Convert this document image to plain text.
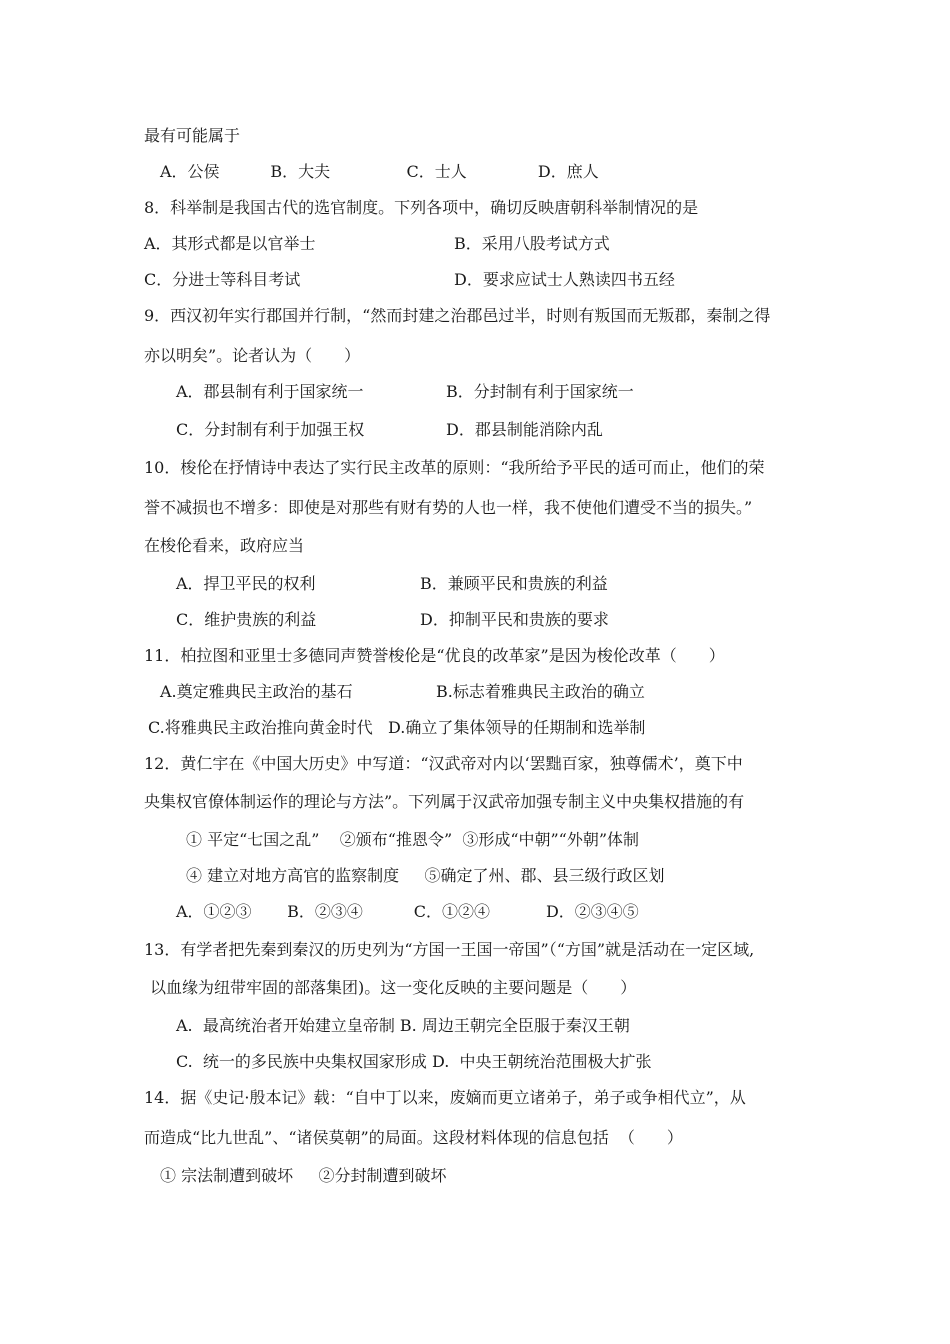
最有可能属于
A．公侯          B．大夫               C．士人              D．庶人
8．科举制是我国古代的选官制度。下列各项中，确切反映唐朝科举制情况的是
A．其形式都是以官举士	B．采用八股考试方式
C．分进士等科目考试	D．要求应试士人熟读四书五经
9．西汉初年实行郡国并行制，“然而封建之治郡邑过半，时则有叛国而无叛郡，秦制之得
亦以明矣”。论者认为（　　）
A．郡县制有利于国家统一	B．分封制有利于国家统一
C．分封制有利于加强王权	D．郡县制能消除内乱
10．梭伦在抒情诗中表达了实行民主改革的原则：“我所给予平民的适可而止，他们的荣
誉不减损也不增多：即使是对那些有财有势的人也一样，我不使他们遭受不当的损失。”
在梭伦看来，政府应当
A．捍卫平民的权利	B．兼顾平民和贵族的利益
C．维护贵族的利益	D．抑制平民和贵族的要求
11．柏拉图和亚里士多德同声赞誉梭伦是“优良的改革家”是因为梭伦改革（　　）
A.奠定雅典民主政治的基石	B.标志着雅典民主政治的确立
C.将雅典民主政治推向黄金时代   D.确立了集体领导的任期制和选举制
12．黄仁宇在《中国大历史》中写道：“汉武帝对内以‘罢黜百家，独尊儒术’，奠下中
央集权官僚体制运作的理论与方法”。下列属于汉武帝加强专制主义中央集权措施的有
① 平定“七国之乱”    ②颁布“推恩令”  ③形成“中朝”“外朝”体制
④ 建立对地方高官的监察制度     ⑤确定了州、郡、县三级行政区划
A．①②③       B．②③④          C．①②④           D．②③④⑤
13．有学者把先秦到秦汉的历史列为“方国一王国一帝国”（“方国”就是活动在一定区域,
以血缘为纽带牢固的部落集团)。这一变化反映的主要问题是（　　）
A.  最高统治者开始建立皇帝制 B. 周边王朝完全臣服于秦汉王朝
C.  统一的多民族中央集权国家形成 D.  中央王朝统治范围极大扩张
14．据《史记·殷本记》载：“自中丁以来，废嫡而更立诸弟子，弟子或争相代立”，从
而造成“比九世乱”、“诸侯莫朝”的局面。这段材料体现的信息包括  （　　）
① 宗法制遭到破坏     ②分封制遭到破坏
